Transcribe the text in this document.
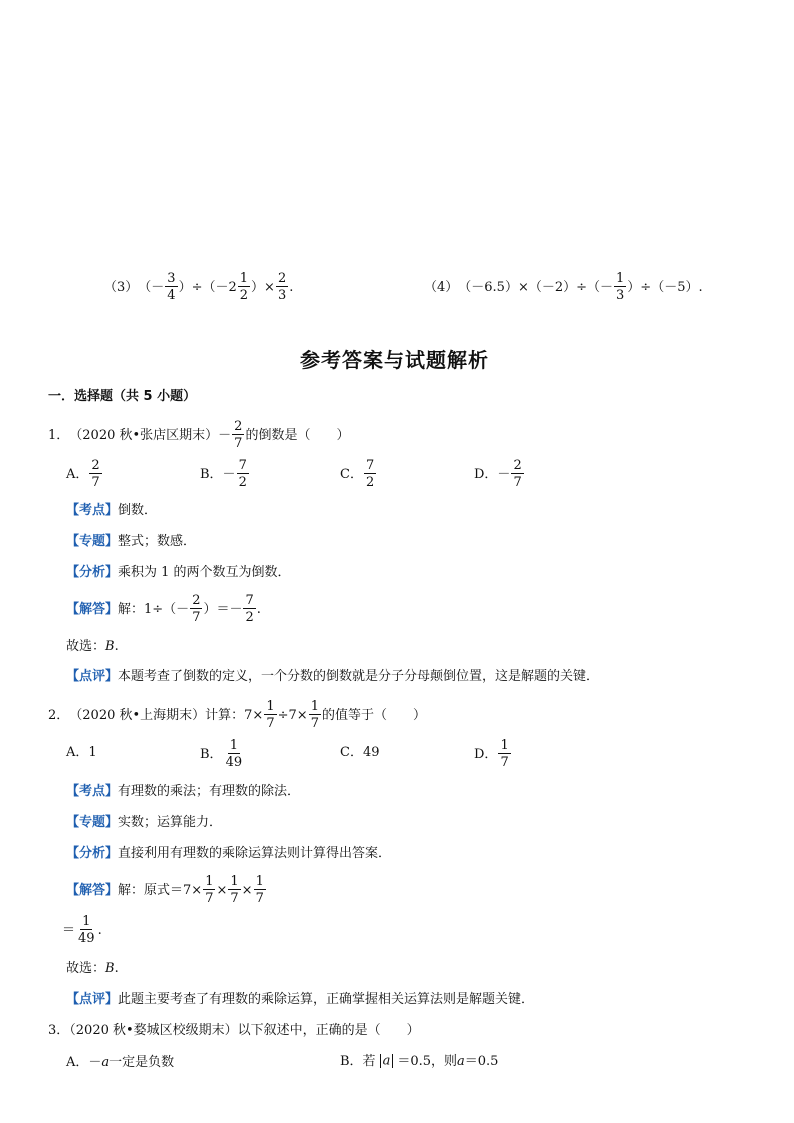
（3） （－ $\frac{3}{4} )\div(-2 \frac{1}{2}$ ）× $\frac{2}{3}$ .	（4） $(-6.5)\times(-2)\div(- \frac{1}{3} )\div(-5)$.
参考答案与试题解析
一．选择题（共 5 小题）
1． （2020 秋•张店区期末）－ $\frac{2}{7}$ 的倒数是（　　）
A． $\frac{2}{7}$	B．－ $\frac{7}{2}$	C． $\frac{7}{2}$	D．－ $\frac{2}{7}$
【考点】倒数．
【专题】整式；数感．
【分析】乘积为 1 的两个数互为倒数．
【解答】 解：$1\div(- \frac{2}{7}$ ）＝－ $\frac{7}{2}$ .
故选：B.
【点评】本题考查了倒数的定义，一个分数的倒数就是分子分母颠倒位置，这是解题的关键．
2． （2020 秋•上海期末）计算：$7\times \frac{1}{7} \div 7\times \frac{1}{7}$ 的值等于（　　）
A．1	B． $\frac{1}{49}$	C．49	D． $\frac{1}{7}$
【考点】有理数的乘法；有理数的除法．
【专题】实数；运算能力．
【分析】直接利用有理数的乘除运算法则计算得出答案．
【解答】 解：原式$=7\times \frac{1}{7} \times \frac{1}{7} \times \frac{1}{7}$
＝ $\frac{1}{49}$ .
故选：B.
【点评】此题主要考查了有理数的乘除运算，正确掌握相关运算法则是解题关键．
3．（2020 秋•婺城区校级期末）以下叙述中，正确的是（　　）
A．－a一定是负数	B．若 a ＝0.5，则 a ＝0.5
